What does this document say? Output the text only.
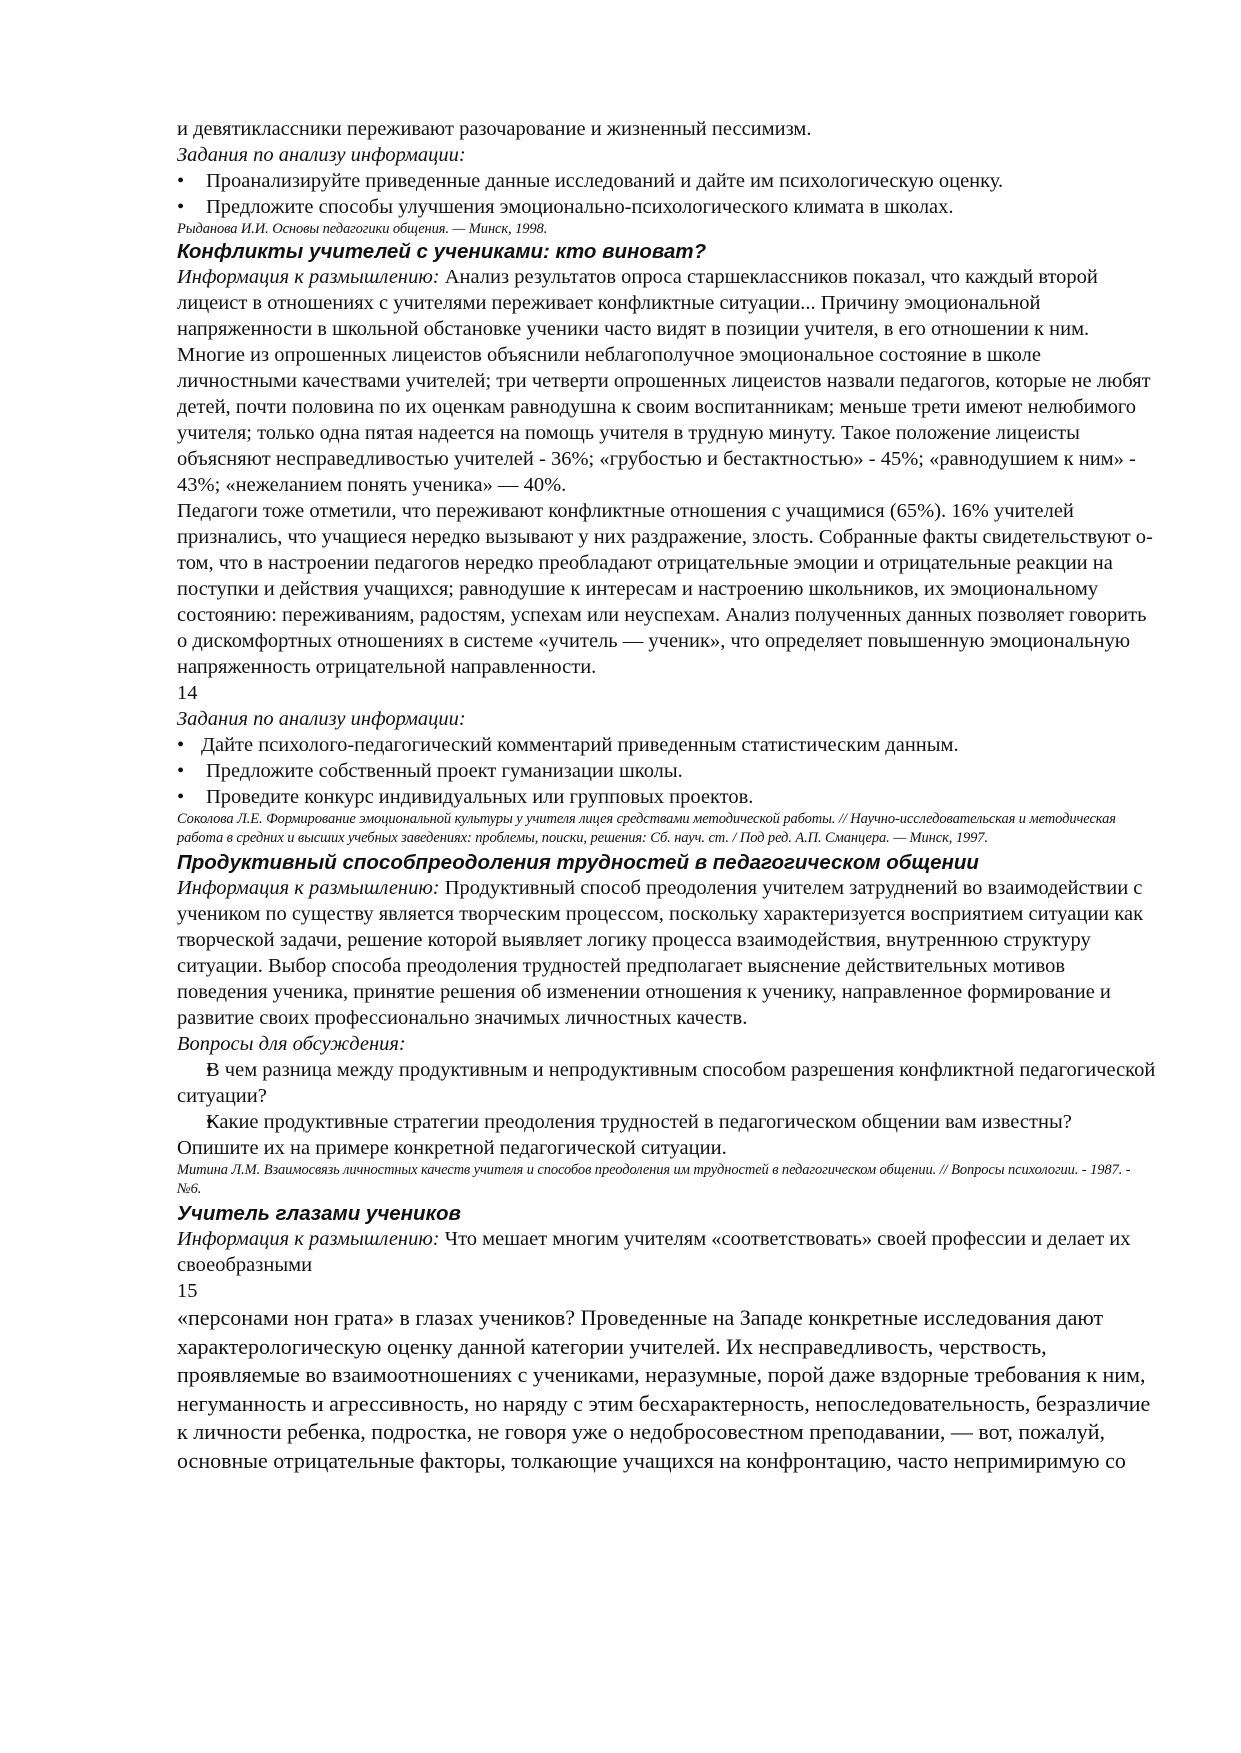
и девятиклассники переживают разочарование и жизненный пессимизм.

Задания по анализу информации:

• Проанализируйте приведенные данные исследований и дайте им психологическую оценку.
• Предложите способы улучшения эмоционально-психологического климата в школах.

Рыданова И.И. Основы педагогики общения. — Минск, 1998.

Конфликты учителей с учениками: кто виноват?

Информация к размышлению: Анализ результатов опроса старшеклассников показал, что каждый второй лицеист в отношениях с учителями переживает конфликтные ситуации... Причину эмоциональной напряженности в школьной обстановке ученики часто видят в позиции учителя, в его отношении к ним. Многие из опрошенных лицеистов объяснили неблагополучное эмоциональное состояние в школе личностными качествами учителей; три четверти опрошенных лицеистов назвали педагогов, которые не любят детей, почти половина по их оценкам равнодушна к своим воспитанникам; меньше трети имеют нелюбимого учителя; только одна пятая надеется на помощь учителя в трудную минуту. Такое положение лицеисты объясняют несправедливостью учителей - 36%; «грубостью и бестактностью» - 45%; «равнодушием к ним» - 43%; «нежеланием понять ученика» — 40%.

Педагоги тоже отметили, что переживают конфликтные отношения с учащимися (65%). 16% учителей признались, что учащиеся нередко вызывают у них раздражение, злость. Собранные факты свидетельствуют о-том, что в настроении педагогов нередко преобладают отрицательные эмоции и отрицательные реакции на поступки и действия учащихся; равнодушие к интересам и настроению школьников, их эмоциональному состоянию: переживаниям, радостям, успехам или неуспехам. Анализ полученных данных позволяет говорить о дискомфортных отношениях в системе «учитель — ученик», что определяет повышенную эмоциональную напряженность отрицательной направленности.

14

Задания по анализу информации:

• Дайте психолого-педагогический комментарий приведенным статистическим данным.
• Предложите собственный проект гуманизации школы.
• Проведите конкурс индивидуальных или групповых проектов.

Соколова Л.Е. Формирование эмоциональной культуры у учителя лицея средствами методической работы. // Научно-исследовательская и методическая работа в средних и высших учебных заведениях: проблемы, поиски, решения: Сб. науч. ст. / Под ред. А.П. Сманцера. — Минск, 1997.

Продуктивный способпреодоления трудностей в педагогическом общении

Информация к размышлению: Продуктивный способ преодоления учителем затруднений во взаимодействии с учеником по существу является творческим процессом, поскольку характеризуется восприятием ситуации как творческой задачи, решение которой выявляет логику процесса взаимодействия, внутреннюю структуру ситуации. Выбор способа преодоления трудностей предполагает выяснение действительных мотивов поведения ученика, принятие решения об изменении отношения к ученику, направленное формирование и развитие своих профессионально значимых личностных качеств.

Вопросы для обсуждения:

• В чем разница между продуктивным и непродуктивным способом разрешения конфликтной педагогической ситуации?
• Какие продуктивные стратегии преодоления трудностей в педагогическом общении вам известны? Опишите их на примере конкретной педагогической ситуации.

Митина Л.М. Взаимосвязь личностных качеств учителя и способов преодоления им трудностей в педагогическом общении. // Вопросы психологии. - 1987. - №6.

Учитель глазами учеников

Информация к размышлению: Что мешает многим учителям «соответствовать» своей профессии и делает их своеобразными

15

«персонами нон грата» в глазах учеников? Проведенные на Западе конкретные исследования дают характерологическую оценку данной категории учителей. Их несправедливость, черствость, проявляемые во взаимоотношениях с учениками, неразумные, порой даже вздорные требования к ним, негуманность и агрессивность, но наряду с этим бесхарактерность, непоследовательность, безразличие к личности ребенка, подростка, не говоря уже о недобросовестном преподавании, — вот, пожалуй, основные отрицательные факторы, толкающие учащихся на конфронтацию, часто непримиримую со
